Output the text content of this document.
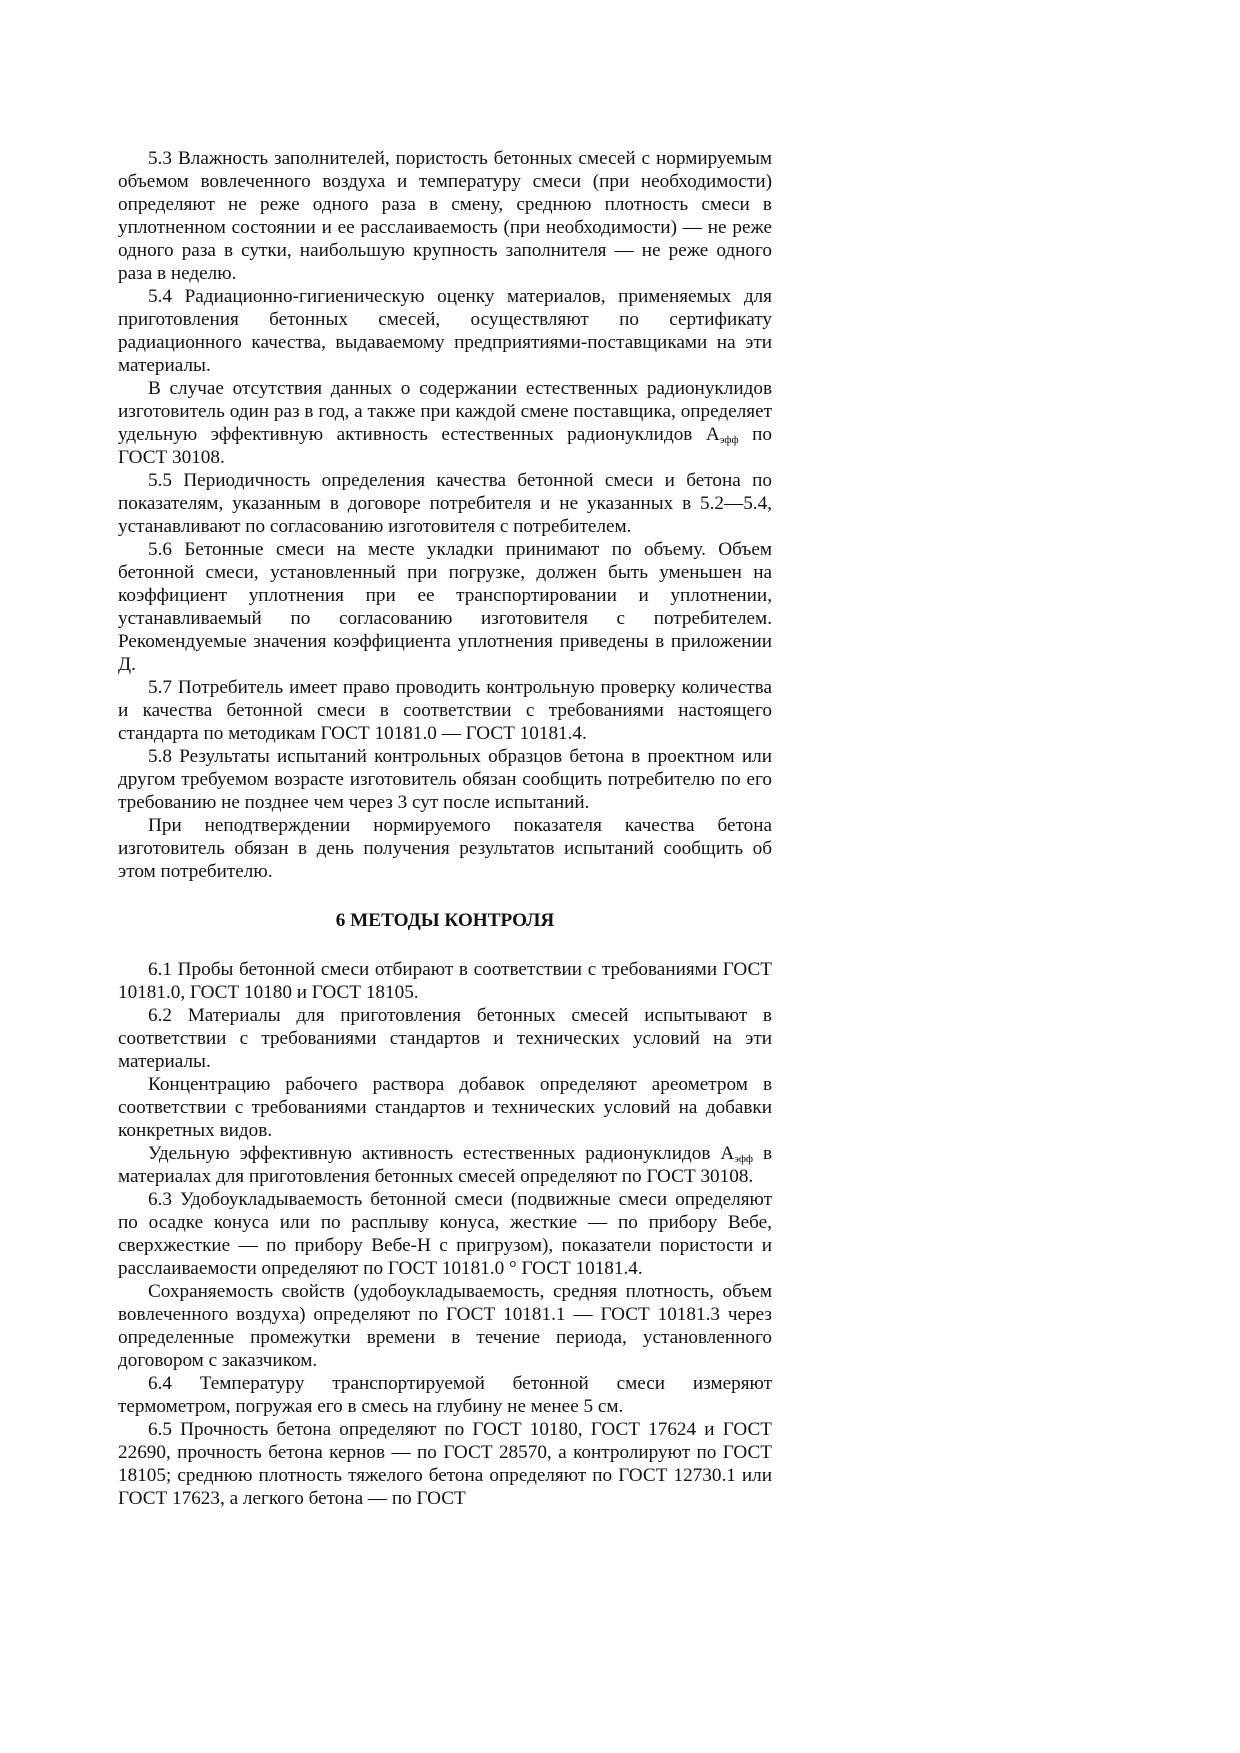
5.3 Влажность заполнителей, пористость бетонных смесей с нормируемым объемом вовлеченного воздуха и температуру смеси (при необходимости) определяют не реже одного раза в смену, среднюю плотность смеси в уплотненном состоянии и ее расслаиваемость (при необходимости) — не реже одного раза в сутки, наибольшую крупность заполнителя — не реже одного раза в неделю.

5.4 Радиационно-гигиеническую оценку материалов, применяемых для приготовления бетонных смесей, осуществляют по сертификату радиационного качества, выдаваемому предприятиями-поставщиками на эти материалы.

В случае отсутствия данных о содержании естественных радионуклидов изготовитель один раз в год, а также при каждой смене поставщика, определяет удельную эффективную активность естественных радионуклидов $А_{эфф}$ по ГОСТ 30108.

5.5 Периодичность определения качества бетонной смеси и бетона по показателям, указанным в договоре потребителя и не указанных в 5.2—5.4, устанавливают по согласованию изготовителя с потребителем.

5.6 Бетонные смеси на месте укладки принимают по объему. Объем бетонной смеси, установленный при погрузке, должен быть уменьшен на коэффициент уплотнения при ее транспортировании и уплотнении, устанавливаемый по согласованию изготовителя с потребителем. Рекомендуемые значения коэффициента уплотнения приведены в приложении Д.

5.7 Потребитель имеет право проводить контрольную проверку количества и качества бетонной смеси в соответствии с требованиями настоящего стандарта по методикам ГОСТ 10181.0 — ГОСТ 10181.4.

5.8 Результаты испытаний контрольных образцов бетона в проектном или другом требуемом возрасте изготовитель обязан сообщить потребителю по его требованию не позднее чем через 3 сут после испытаний.

При неподтверждении нормируемого показателя качества бетона изготовитель обязан в день получения результатов испытаний сообщить об этом потребителю.

6 МЕТОДЫ КОНТРОЛЯ

6.1 Пробы бетонной смеси отбирают в соответствии с требованиями ГОСТ 10181.0, ГОСТ 10180 и ГОСТ 18105.

6.2 Материалы для приготовления бетонных смесей испытывают в соответствии с требованиями стандартов и технических условий на эти материалы.

Концентрацию рабочего раствора добавок определяют ареометром в соответствии с требованиями стандартов и технических условий на добавки конкретных видов.

Удельную эффективную активность естественных радионуклидов $А_{эфф}$ в материалах для приготовления бетонных смесей определяют по ГОСТ 30108.

6.3 Удобоукладываемость бетонной смеси (подвижные смеси определяют по осадке конуса или по расплыву конуса, жесткие — по прибору Вебе, сверхжесткие — по прибору Вебе-Н с пригрузом), показатели пористости и расслаиваемости определяют по ГОСТ 10181.0 ° ГОСТ 10181.4.

Сохраняемость свойств (удобоукладываемость, средняя плотность, объем вовлеченного воздуха) определяют по ГОСТ 10181.1 — ГОСТ 10181.3 через определенные промежутки времени в течение периода, установленного договором с заказчиком.

6.4 Температуру транспортируемой бетонной смеси измеряют термометром, погружая его в смесь на глубину не менее 5 см.

6.5 Прочность бетона определяют по ГОСТ 10180, ГОСТ 17624 и ГОСТ 22690, прочность бетона кернов — по ГОСТ 28570, а контролируют по ГОСТ 18105; среднюю плотность тяжелого бетона определяют по ГОСТ 12730.1 или ГОСТ 17623, а легкого бетона — по ГОСТ
